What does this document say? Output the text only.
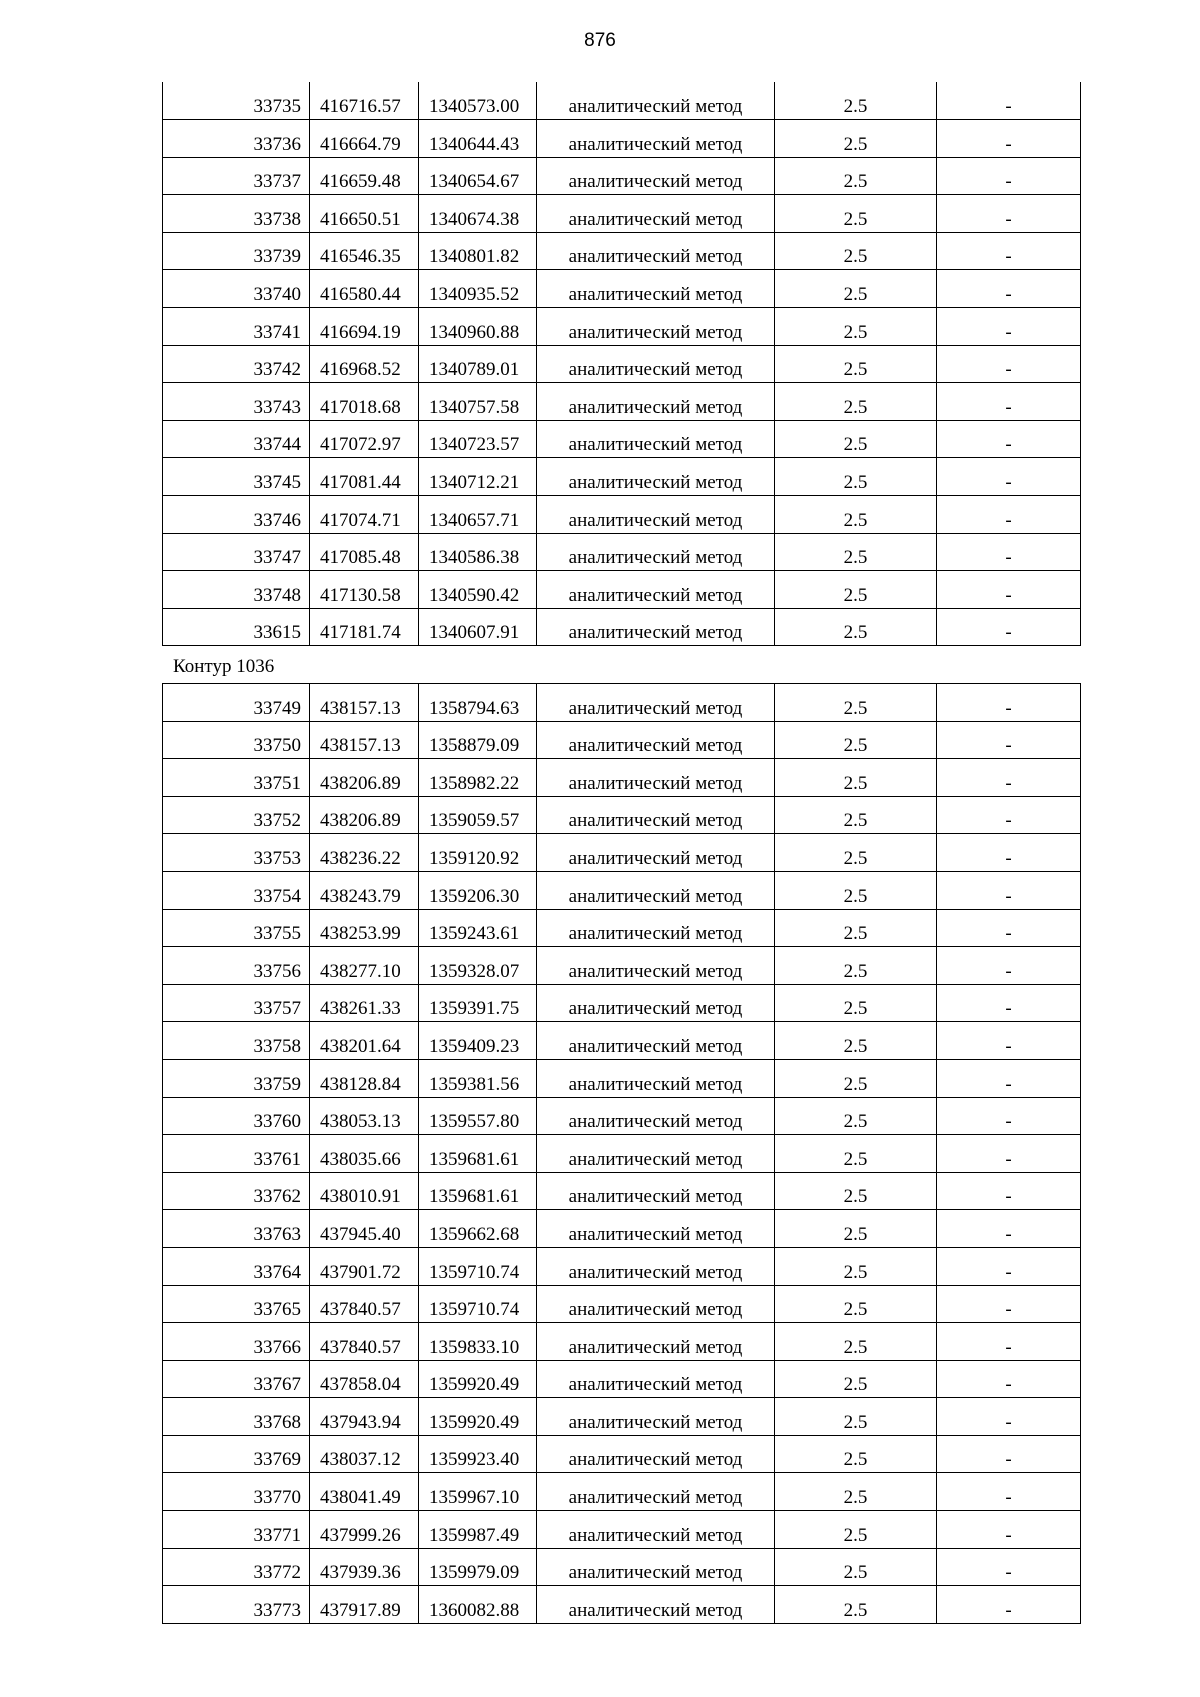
876
33735	416716.57	1340573.00	аналитический метод	2.5	-
33736	416664.79	1340644.43	аналитический метод	2.5	-
33737	416659.48	1340654.67	аналитический метод	2.5	-
33738	416650.51	1340674.38	аналитический метод	2.5	-
33739	416546.35	1340801.82	аналитический метод	2.5	-
33740	416580.44	1340935.52	аналитический метод	2.5	-
33741	416694.19	1340960.88	аналитический метод	2.5	-
33742	416968.52	1340789.01	аналитический метод	2.5	-
33743	417018.68	1340757.58	аналитический метод	2.5	-
33744	417072.97	1340723.57	аналитический метод	2.5	-
33745	417081.44	1340712.21	аналитический метод	2.5	-
33746	417074.71	1340657.71	аналитический метод	2.5	-
33747	417085.48	1340586.38	аналитический метод	2.5	-
33748	417130.58	1340590.42	аналитический метод	2.5	-
33615	417181.74	1340607.91	аналитический метод	2.5	-
Контур 1036
33749	438157.13	1358794.63	аналитический метод	2.5	-
33750	438157.13	1358879.09	аналитический метод	2.5	-
33751	438206.89	1358982.22	аналитический метод	2.5	-
33752	438206.89	1359059.57	аналитический метод	2.5	-
33753	438236.22	1359120.92	аналитический метод	2.5	-
33754	438243.79	1359206.30	аналитический метод	2.5	-
33755	438253.99	1359243.61	аналитический метод	2.5	-
33756	438277.10	1359328.07	аналитический метод	2.5	-
33757	438261.33	1359391.75	аналитический метод	2.5	-
33758	438201.64	1359409.23	аналитический метод	2.5	-
33759	438128.84	1359381.56	аналитический метод	2.5	-
33760	438053.13	1359557.80	аналитический метод	2.5	-
33761	438035.66	1359681.61	аналитический метод	2.5	-
33762	438010.91	1359681.61	аналитический метод	2.5	-
33763	437945.40	1359662.68	аналитический метод	2.5	-
33764	437901.72	1359710.74	аналитический метод	2.5	-
33765	437840.57	1359710.74	аналитический метод	2.5	-
33766	437840.57	1359833.10	аналитический метод	2.5	-
33767	437858.04	1359920.49	аналитический метод	2.5	-
33768	437943.94	1359920.49	аналитический метод	2.5	-
33769	438037.12	1359923.40	аналитический метод	2.5	-
33770	438041.49	1359967.10	аналитический метод	2.5	-
33771	437999.26	1359987.49	аналитический метод	2.5	-
33772	437939.36	1359979.09	аналитический метод	2.5	-
33773	437917.89	1360082.88	аналитический метод	2.5	-
